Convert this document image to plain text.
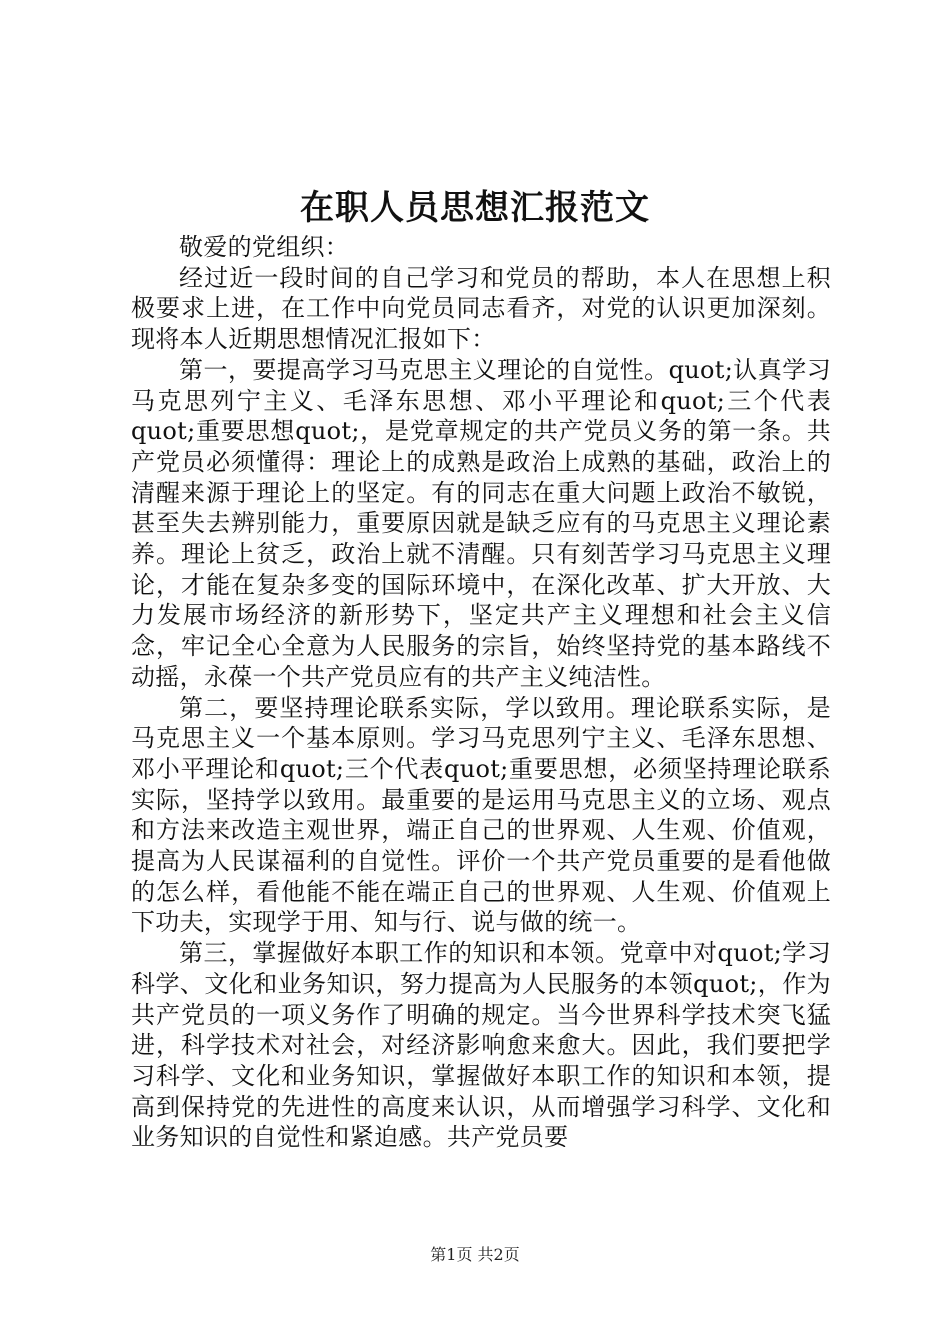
在职人员思想汇报范文

敬爱的党组织：

经过近一段时间的自己学习和党员的帮助，本人在思想上积极要求上进，在工作中向党员同志看齐，对党的认识更加深刻。现将本人近期思想情况汇报如下：

第一，要提高学习马克思主义理论的自觉性。quot;认真学习马克思列宁主义、毛泽东思想、邓小平理论和quot;三个代表quot;重要思想quot;，是党章规定的共产党员义务的第一条。共产党员必须懂得：理论上的成熟是政治上成熟的基础，政治上的清醒来源于理论上的坚定。有的同志在重大问题上政治不敏锐，甚至失去辨别能力，重要原因就是缺乏应有的马克思主义理论素养。理论上贫乏，政治上就不清醒。只有刻苦学习马克思主义理论，才能在复杂多变的国际环境中，在深化改革、扩大开放、大力发展市场经济的新形势下，坚定共产主义理想和社会主义信念，牢记全心全意为人民服务的宗旨，始终坚持党的基本路线不动摇，永葆一个共产党员应有的共产主义纯洁性。

第二，要坚持理论联系实际，学以致用。理论联系实际，是马克思主义一个基本原则。学习马克思列宁主义、毛泽东思想、邓小平理论和quot;三个代表quot;重要思想，必须坚持理论联系实际，坚持学以致用。最重要的是运用马克思主义的立场、观点和方法来改造主观世界，端正自己的世界观、人生观、价值观，提高为人民谋福利的自觉性。评价一个共产党员重要的是看他做的怎么样，看他能不能在端正自己的世界观、人生观、价值观上下功夫，实现学于用、知与行、说与做的统一。

第三，掌握做好本职工作的知识和本领。党章中对quot;学习科学、文化和业务知识，努力提高为人民服务的本领quot;，作为共产党员的一项义务作了明确的规定。当今世界科学技术突飞猛进，科学技术对社会，对经济影响愈来愈大。因此，我们要把学习科学、文化和业务知识，掌握做好本职工作的知识和本领，提高到保持党的先进性的高度来认识，从而增强学习科学、文化和业务知识的自觉性和紧迫感。共产党员要

第1页 共2页
